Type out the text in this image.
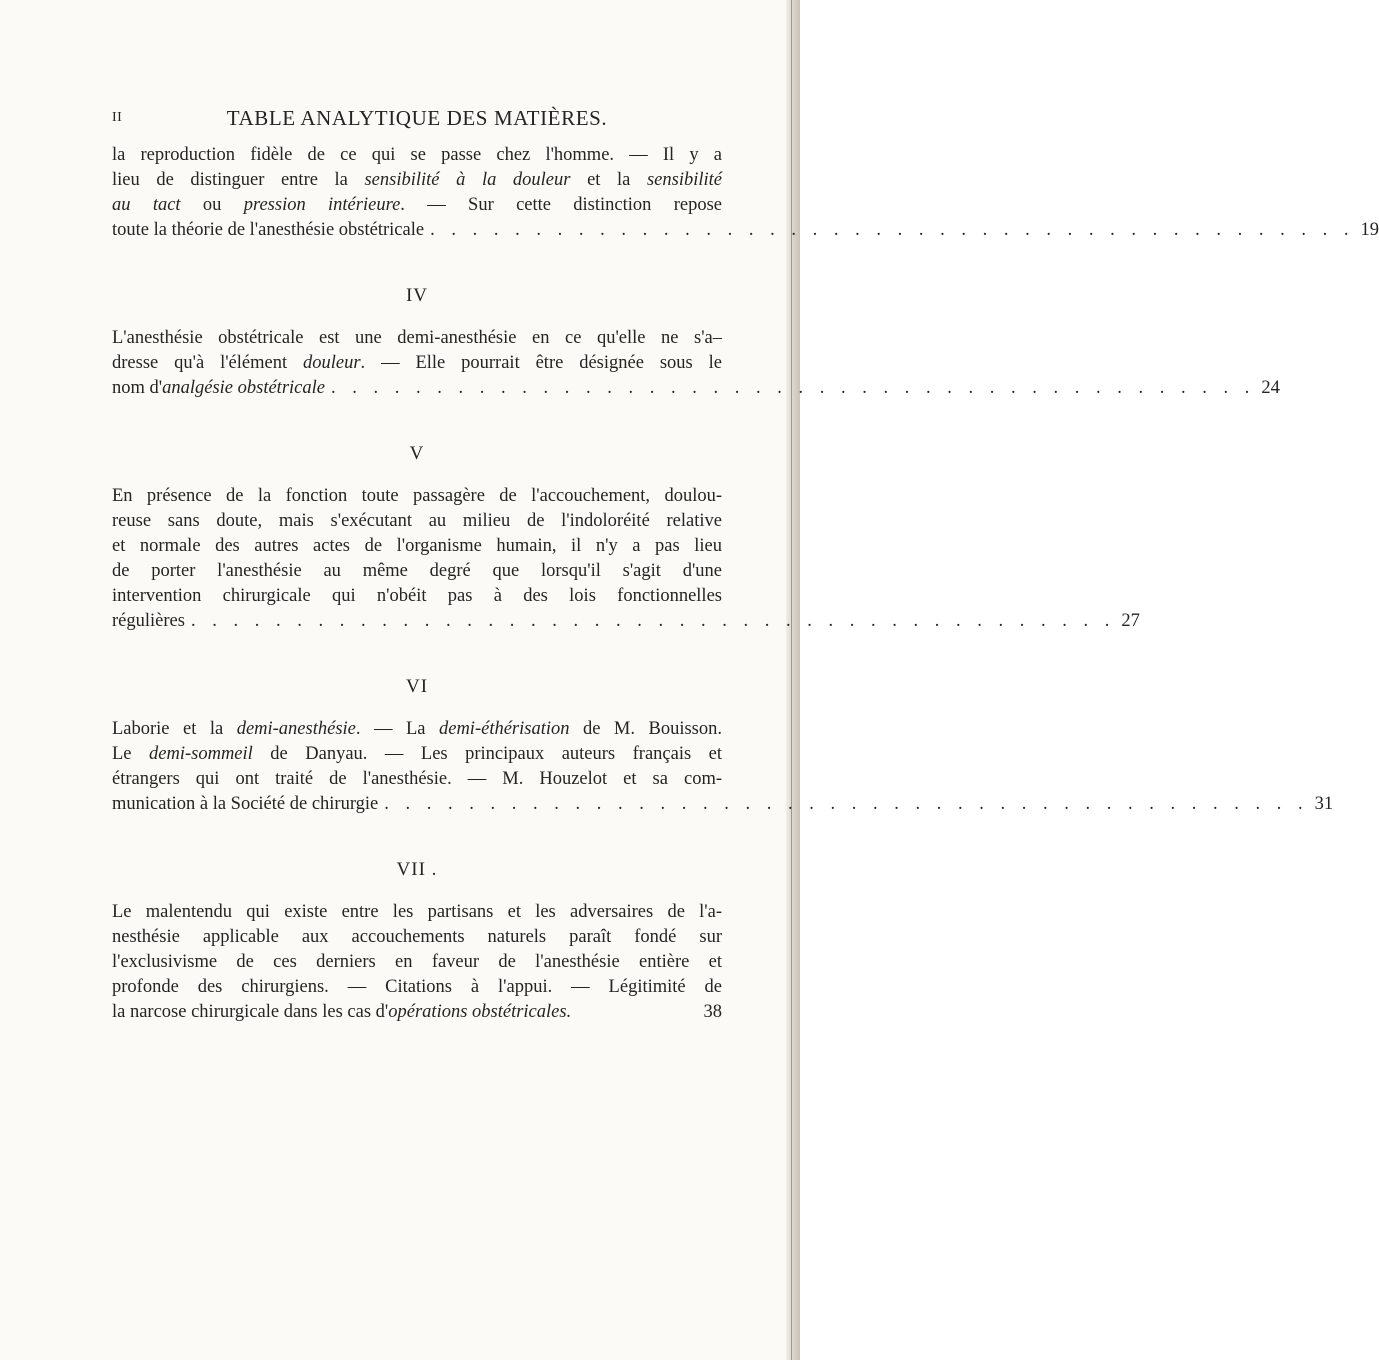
II	TABLE ANALYTIQUE DES MATIÈRES.
la reproduction fidèle de ce qui se passe chez l'homme. — Il y a
lieu de distinguer entre la sensibilité à la douleur et la sensibilité
au tact ou pression intérieure. — Sur cette distinction repose
toute la théorie de l'anesthésie obstétricale . . . . . . . . . . . . . . . . . . . . . . . . . . . . . . . . . . . . . . . . . . . . 19
IV
L'anesthésie obstétricale est une demi-anesthésie en ce qu'elle ne s'a–
dresse qu'à l'élément douleur. — Elle pourrait être désignée sous le
nom d'analgésie obstétricale . . . . . . . . . . . . . . . . . . . . . . . . . . . . . . . . . . . . . . . . . . . . 24
V
En présence de la fonction toute passagère de l'accouchement, doulou-
reuse sans doute, mais s'exécutant au milieu de l'indoloréité relative
et normale des autres actes de l'organisme humain, il n'y a pas lieu
de porter l'anesthésie au même degré que lorsqu'il s'agit d'une
intervention chirurgicale qui n'obéit pas à des lois fonctionnelles
régulières . . . . . . . . . . . . . . . . . . . . . . . . . . . . . . . . . . . . . . . . . . . . 27
VI
Laborie et la demi-anesthésie. — La demi-éthérisation de M. Bouisson.
Le demi-sommeil de Danyau. — Les principaux auteurs français et
étrangers qui ont traité de l'anesthésie. — M. Houzelot et sa com-
munication à la Société de chirurgie . . . . . . . . . . . . . . . . . . . . . . . . . . . . . . . . . . . . . . . . . . . . 31
VII .
Le malentendu qui existe entre les partisans et les adversaires de l'a-
nesthésie applicable aux accouchements naturels paraît fondé sur
l'exclusivisme de ces derniers en faveur de l'anesthésie entière et
profonde des chirurgiens. — Citations à l'appui. — Légitimité de
la narcose chirurgicale dans les cas d'opérations obstétricales.	38
